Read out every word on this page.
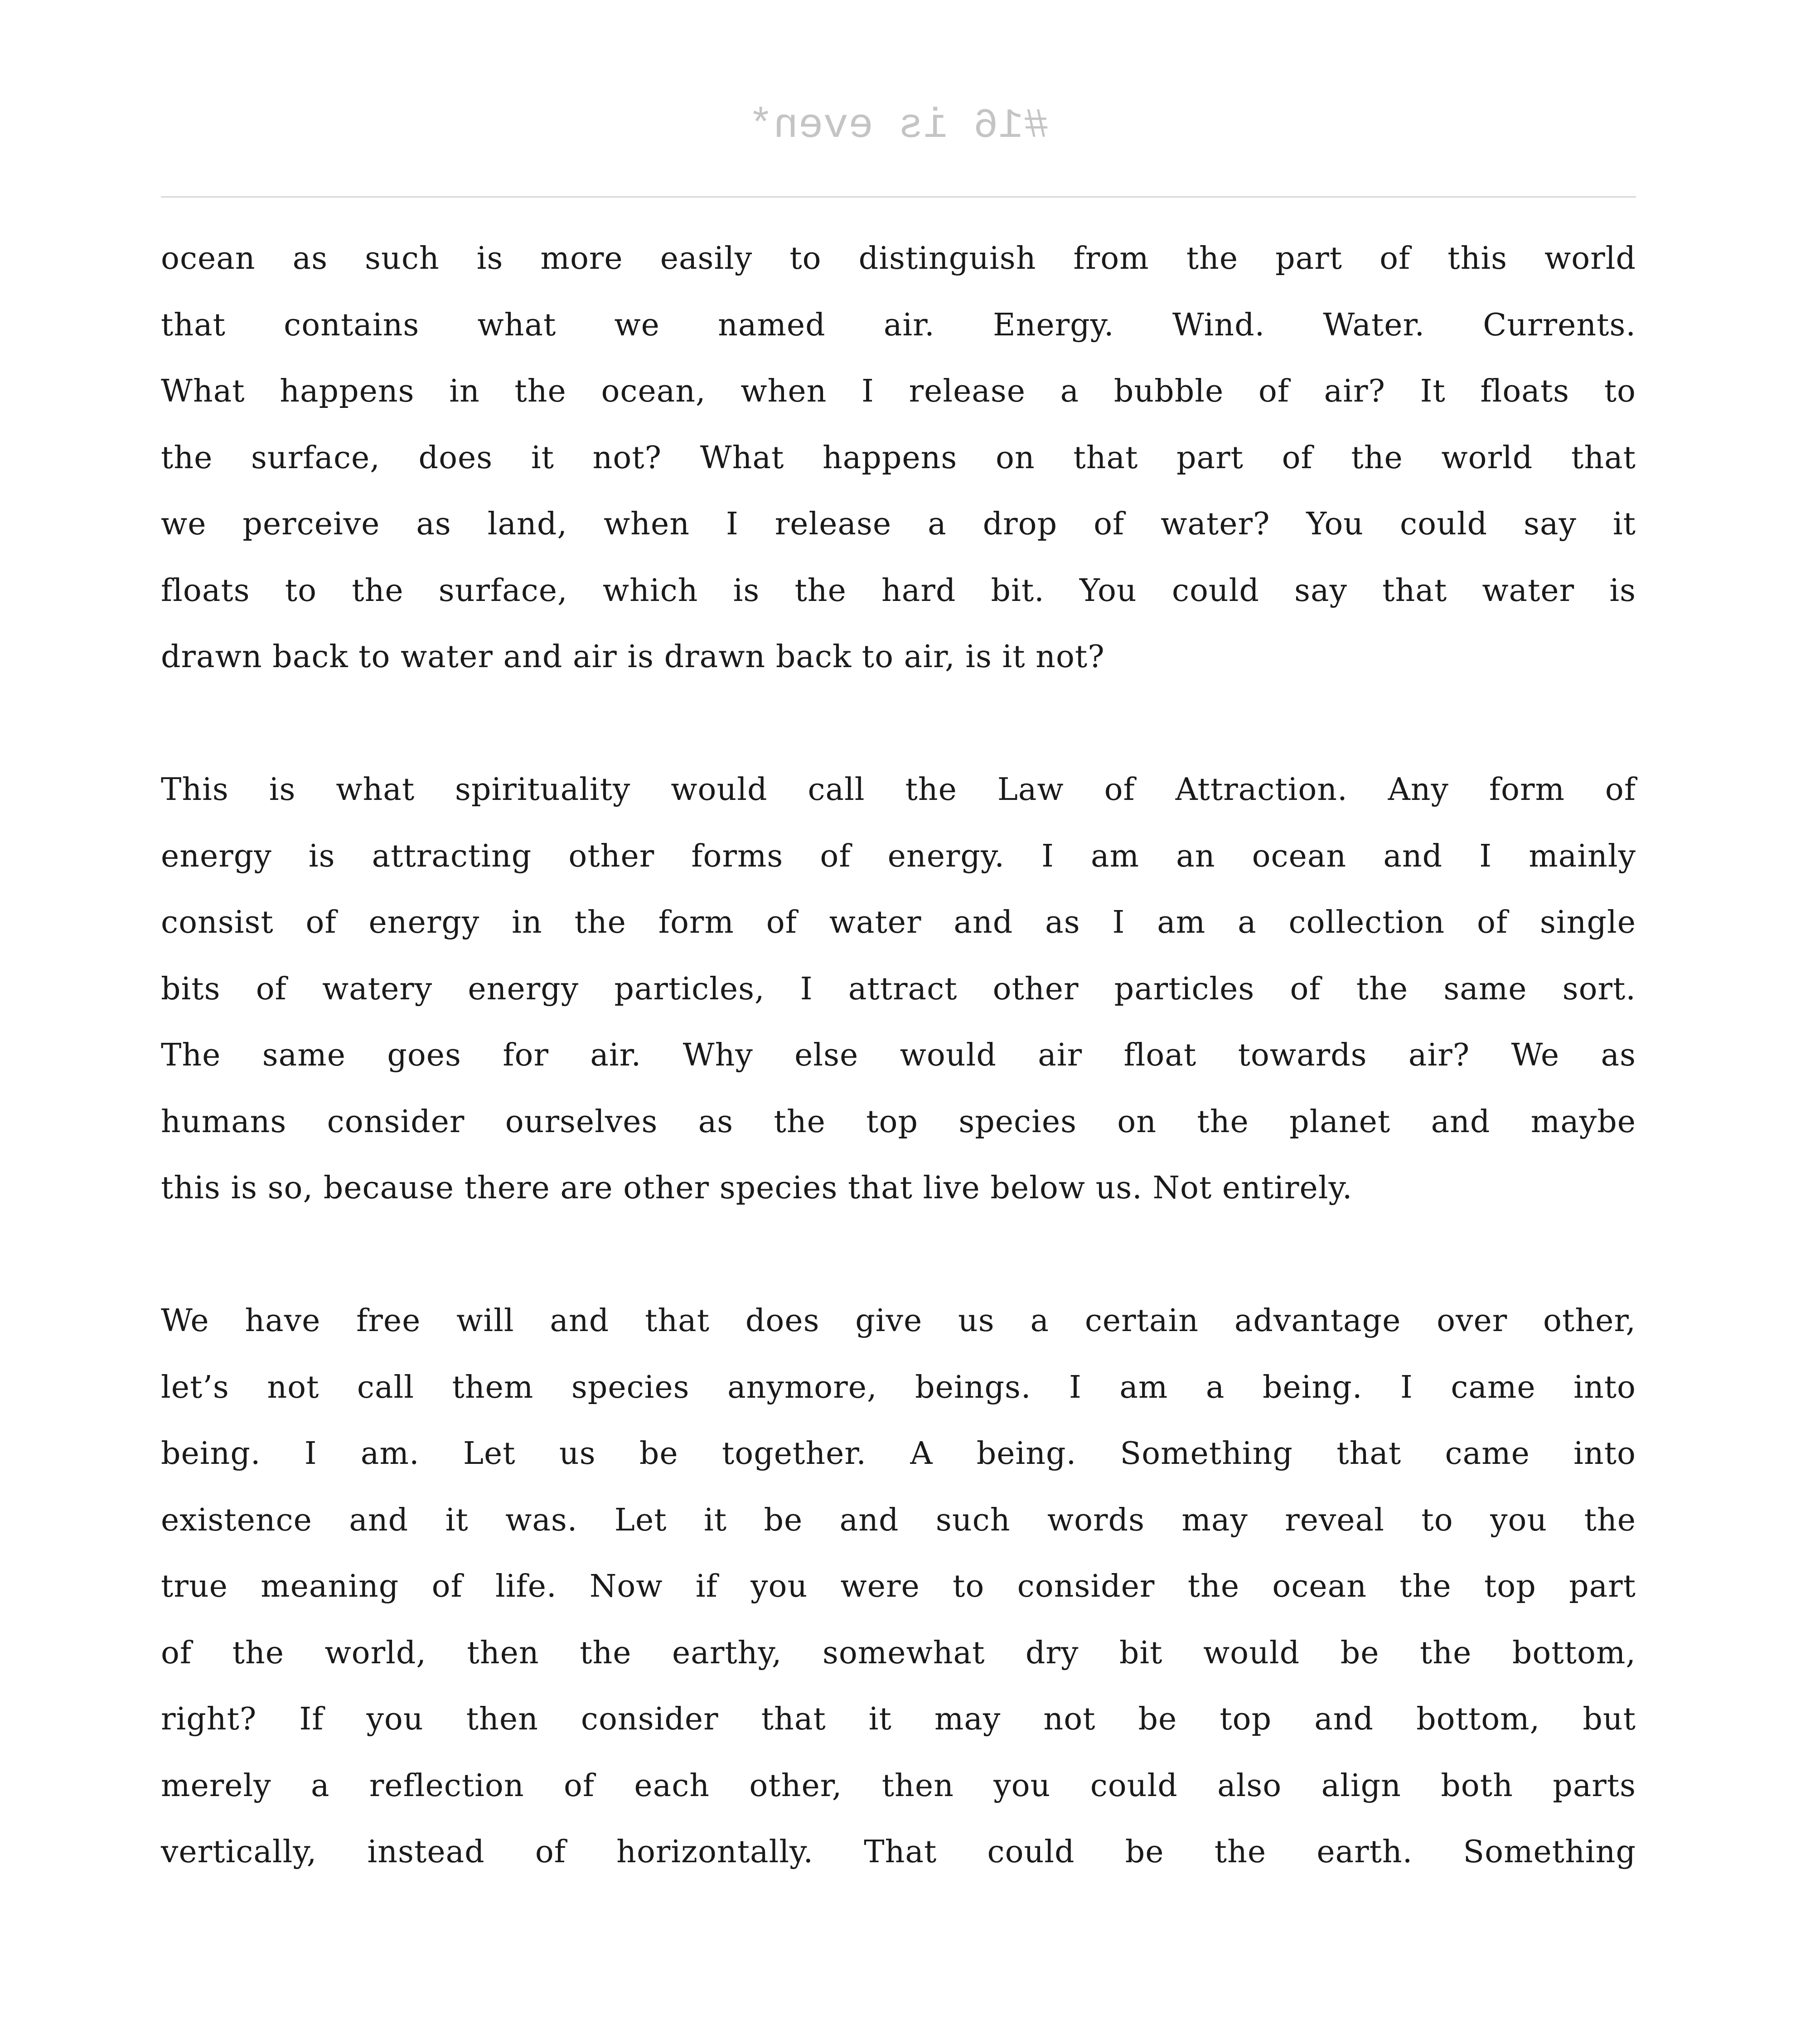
#16 is even*
ocean as such is more easily to distinguish from the part of this world
that contains what we named air. Energy. Wind. Water. Currents.
What happens in the ocean, when I release a bubble of air? It floats to
the surface, does it not? What happens on that part of the world that
we perceive as land, when I release a drop of water? You could say it
floats to the surface, which is the hard bit. You could say that water is
drawn back to water and air is drawn back to air, is it not?
This is what spirituality would call the Law of Attraction. Any form of
energy is attracting other forms of energy. I am an ocean and I mainly
consist of energy in the form of water and as I am a collection of single
bits of watery energy particles, I attract other particles of the same sort.
The same goes for air. Why else would air float towards air? We as
humans consider ourselves as the top species on the planet and maybe
this is so, because there are other species that live below us. Not entirely.
We have free will and that does give us a certain advantage over other,
let’s not call them species anymore, beings. I am a being. I came into
being. I am. Let us be together. A being. Something that came into
existence and it was. Let it be and such words may reveal to you the
true meaning of life. Now if you were to consider the ocean the top part
of the world, then the earthy, somewhat dry bit would be the bottom,
right? If you then consider that it may not be top and bottom, but
merely a reflection of each other, then you could also align both parts
vertically, instead of horizontally. That could be the earth. Something
